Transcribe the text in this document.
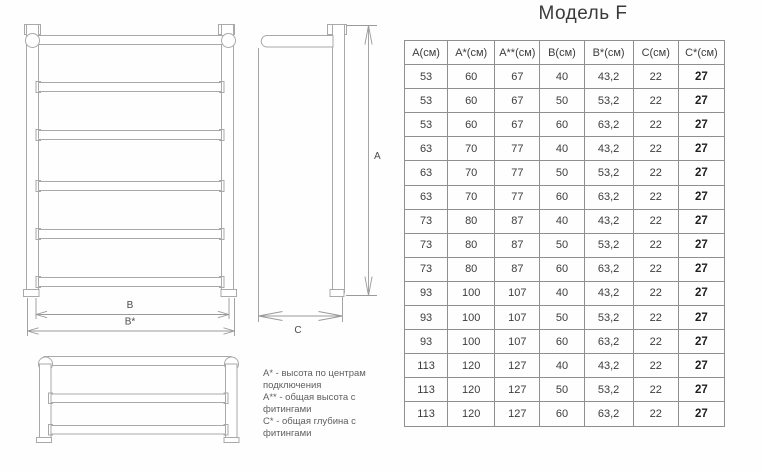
B
B*
A
C
А* - высота по центрам подключения
А** - общая высота с фитингами
С* - общая глубина с фитингами
Модель F
А(см)	А*(см)	А**(см)	В(см)	В*(см)	С(см)	С*(см)
53	60	67	40	43,2	22	27
53	60	67	50	53,2	22	27
53	60	67	60	63,2	22	27
63	70	77	40	43,2	22	27
63	70	77	50	53,2	22	27
63	70	77	60	63,2	22	27
73	80	87	40	43,2	22	27
73	80	87	50	53,2	22	27
73	80	87	60	63,2	22	27
93	100	107	40	43,2	22	27
93	100	107	50	53,2	22	27
93	100	107	60	63,2	22	27
113	120	127	40	43,2	22	27
113	120	127	50	53,2	22	27
113	120	127	60	63,2	22	27
